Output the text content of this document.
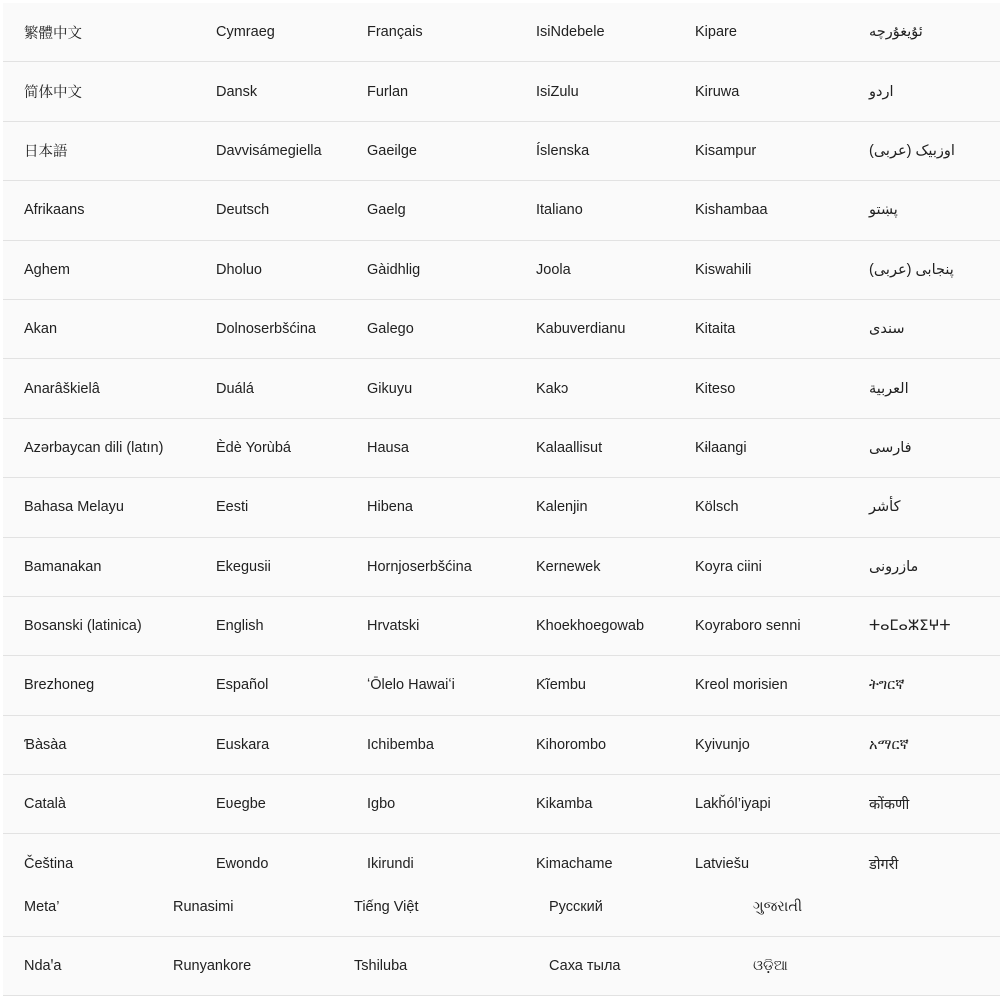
繁體中文	Cymraeg	Français	IsiNdebele	Kipare	ئۇيغۇرچە
简体中文	Dansk	Furlan	IsiZulu	Kiruwa	اردو
日本語	Davvisámegiella	Gaeilge	Íslenska	Kisampur	اوزبیک (عربی)
Afrikaans	Deutsch	Gaelg	Italiano	Kishambaa	پښتو
Aghem	Dholuo	Gàidhlig	Joola	Kiswahili	پنجابی (عربی)
Akan	Dolnoserbšćina	Galego	Kabuverdianu	Kitaita	سندی
Anarâškielâ	Duálá	Gikuyu	Kakɔ	Kiteso	العربية
Azərbaycan dili (latın)	Èdè Yorùbá	Hausa	Kalaallisut	Kɨlaangi	فارسی
Bahasa Melayu	Eesti	Hibena	Kalenjin	Kölsch	کأشر
Bamanakan	Ekegusii	Hornjoserbšćina	Kernewek	Koyra ciini	مازرونی
Bosanski (latinica)	English	Hrvatski	Khoekhoegowab	Koyraboro senni	ⵜⴰⵎⴰⵣⵉⵖⵜ
Brezhoneg	Español	ʻŌlelo Hawaiʻi	Kĩembu	Kreol morisien	ትግርኛ
Ɓàsàa	Euskara	Ichibemba	Kihorombo	Kyivunjo	አማርኛ
Català	Eʋegbe	Igbo	Kikamba	Lakȟól’iyapi	कोंकणी
Čeština	Ewondo	Ikirundi	Kimachame	Latviešu	डोगरी
Meta’	Runasimi	Tiếng Việt	Русский	ગુજરાતી
Ndaꞌa	Runyankore	Tshiluba	Саха тыла	ଓଡ଼ିଆ
